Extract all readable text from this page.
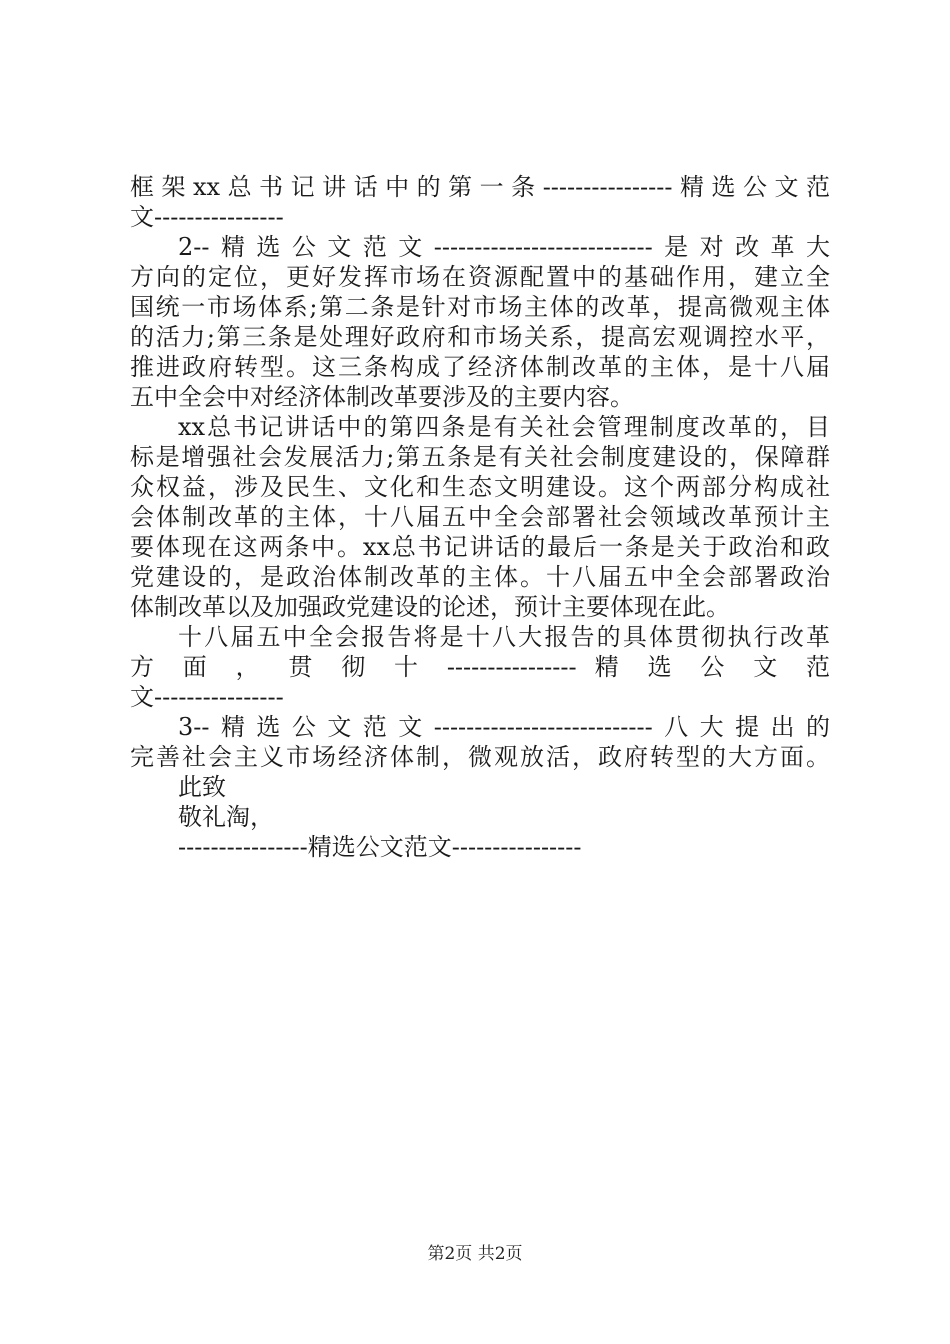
框架xx总书记讲话中的第一条----------------精选公文范
文----------------
2--精选公文范文---------------------------是对改革大
方向的定位，更好发挥市场在资源配置中的基础作用，建立全
国统一市场体系;第二条是针对市场主体的改革，提高微观主体
的活力;第三条是处理好政府和市场关系，提高宏观调控水平，
推进政府转型。这三条构成了经济体制改革的主体，是十八届
五中全会中对经济体制改革要涉及的主要内容。
xx总书记讲话中的第四条是有关社会管理制度改革的，目
标是增强社会发展活力;第五条是有关社会制度建设的，保障群
众权益，涉及民生、文化和生态文明建设。这个两部分构成社
会体制改革的主体，十八届五中全会部署社会领域改革预计主
要体现在这两条中。xx总书记讲话的最后一条是关于政治和政
党建设的，是政治体制改革的主体。十八届五中全会部署政治
体制改革以及加强政党建设的论述，预计主要体现在此。
十八届五中全会报告将是十八大报告的具体贯彻执行改革
方 面 ， 贯 彻 十 ---------------- 精 选 公 文 范
文----------------
3--精选公文范文---------------------------八大提出的
完善社会主义市场经济体制，微观放活，政府转型的大方面。
此致
敬礼淘，
----------------精选公文范文----------------
第2页 共2页
